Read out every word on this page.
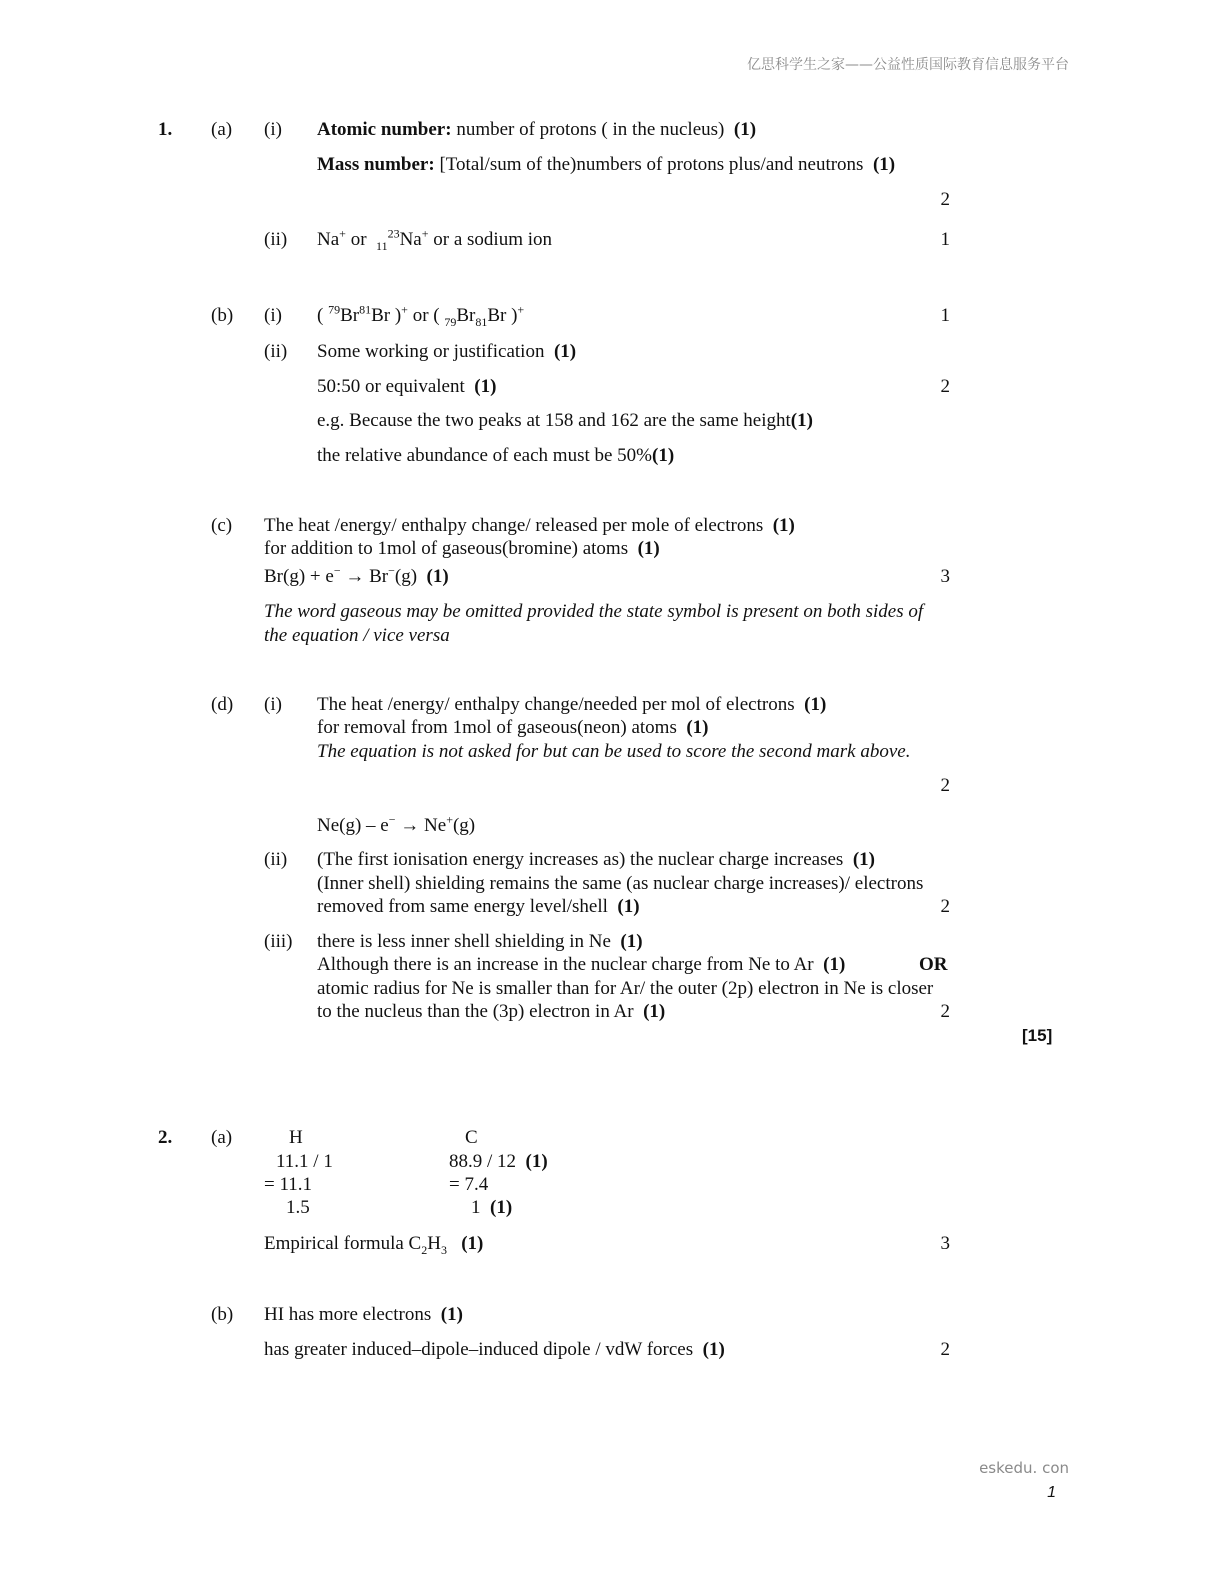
亿思科学生之家——公益性质国际教育信息服务平台
1. (a) (i) Atomic number: number of protons ( in the nucleus) (1)
Mass number: [Total/sum of the)numbers of protons plus/and neutrons (1)
2
(ii) Na+ or  $_{11}^{23}$Na+ or a sodium ion	1
(b) (i) ( $^{79}$Br$^{81}$Br )+ or ( $_{79}Br_{81}Br$ )+	1
(ii) Some working or justification (1)
50:50 or equivalent (1)	2
e.g. Because the two peaks at 158 and 162 are the same height(1)
the relative abundance of each must be 50%(1)
(c) The heat /energy/ enthalpy change/ released per mole of electrons (1)
for addition to 1mol of gaseous(bromine) atoms (1)
Br(g) + e− → Br−(g) (1)	3
The word gaseous may be omitted provided the state symbol is present on both sides of
the equation / vice versa
(d) (i) The heat /energy/ enthalpy change/needed per mol of electrons (1)
for removal from 1mol of gaseous(neon) atoms (1)
The equation is not asked for but can be used to score the second mark above.
2
Ne(g) – e− → Ne+(g)
(ii) (The first ionisation energy increases as) the nuclear charge increases (1)
(Inner shell) shielding remains the same (as nuclear charge increases)/ electrons
removed from same energy level/shell (1)	2
(iii) there is less inner shell shielding in Ne (1)
Although there is an increase in the nuclear charge from Ne to Ar (1)	OR
atomic radius for Ne is smaller than for Ar/ the outer (2p) electron in Ne is closer
to the nucleus than the (3p) electron in Ar (1)	2
[15]
2. (a)	H	C
11.1 / 1	88.9 / 12 (1)
= 11.1	= 7.4
1.5	1 (1)
Empirical formula $C_2H_3$ (1)	3
(b) HI has more electrons (1)
has greater induced–dipole–induced dipole / vdW forces (1)	2
eskedu. con
1
